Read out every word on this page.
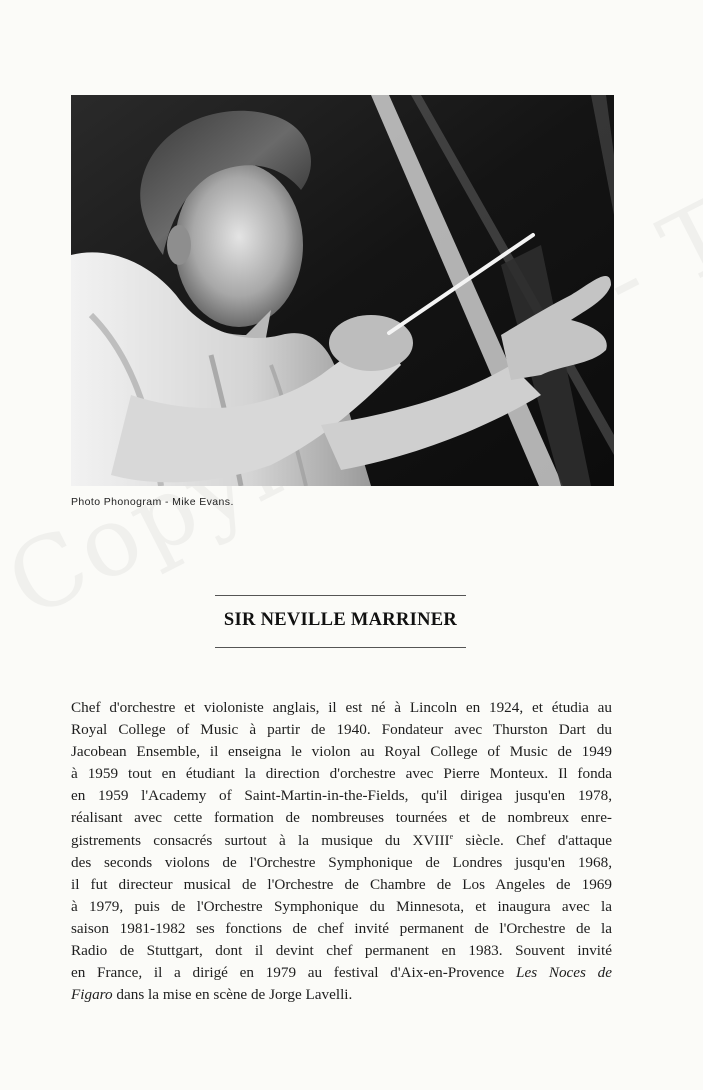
Photo Phonogram - Mike Evans.
SIR NEVILLE MARRINER
Chef d'orchestre et violoniste anglais, il est né à Lincoln en 1924, et étudia au
Royal College of Music à partir de 1940. Fondateur avec Thurston Dart du
Jacobean Ensemble, il enseigna le violon au Royal College of Music de 1949
à 1959 tout en étudiant la direction d'orchestre avec Pierre Monteux. Il fonda
en 1959 l'Academy of Saint-Martin-in-the-Fields, qu'il dirigea jusqu'en 1978,
réalisant avec cette formation de nombreuses tournées et de nombreux enre-
gistrements consacrés surtout à la musique du XVIIIe siècle. Chef d'attaque
des seconds violons de l'Orchestre Symphonique de Londres jusqu'en 1968,
il fut directeur musical de l'Orchestre de Chambre de Los Angeles de 1969
à 1979, puis de l'Orchestre Symphonique du Minnesota, et inaugura avec la
saison 1981-1982 ses fonctions de chef invité permanent de l'Orchestre de la
Radio de Stuttgart, dont il devint chef permanent en 1983. Souvent invité
en France, il a dirigé en 1979 au festival d'Aix-en-Provence Les Noces de
Figaro dans la mise en scène de Jorge Lavelli.
